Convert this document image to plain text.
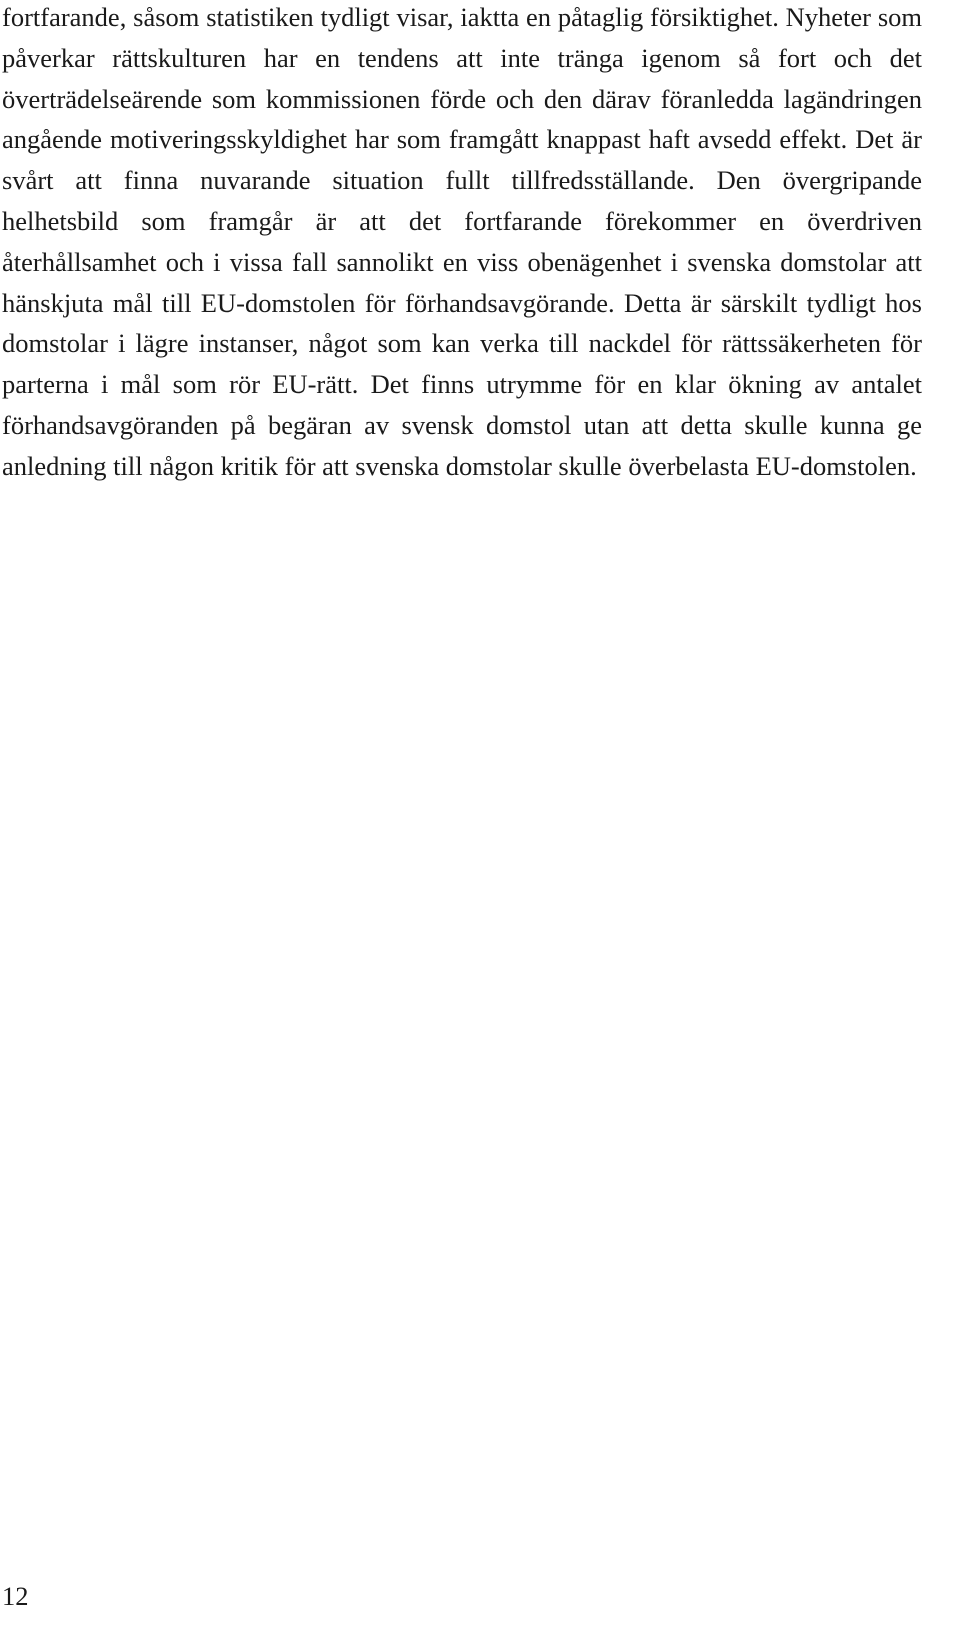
fortfarande, såsom statistiken tydligt visar, iaktta en påtaglig försiktighet. Nyheter som påverkar rättskulturen har en tendens att inte tränga igenom så fort och det överträdelseärende som kommissionen förde och den därav föranledda lagändringen angående motiveringsskyldighet har som framgått knappast haft avsedd effekt. Det är svårt att finna nuvarande situation fullt tillfredsställande. Den övergripande helhetsbild som framgår är att det fortfarande förekommer en överdriven återhållsamhet och i vissa fall sannolikt en viss obenägenhet i svenska domstolar att hänskjuta mål till EU-domstolen för förhandsavgörande. Detta är särskilt tydligt hos domstolar i lägre instanser, något som kan verka till nackdel för rättssäkerheten för parterna i mål som rör EU-rätt. Det finns utrymme för en klar ökning av antalet förhandsavgöranden på begäran av svensk domstol utan att detta skulle kunna ge anledning till någon kritik för att svenska domstolar skulle överbelasta EU-domstolen.

12
